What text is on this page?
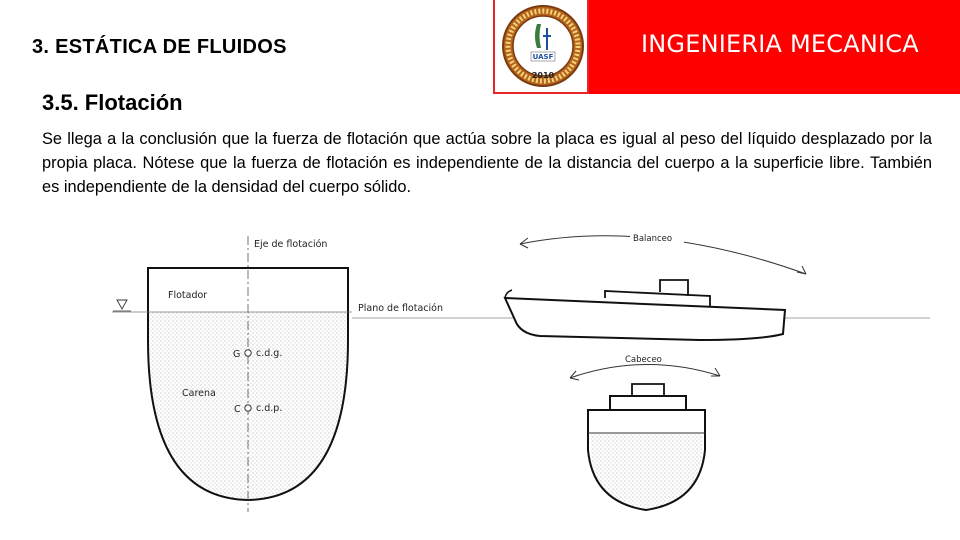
3. ESTÁTICA DE FLUIDOS	UASF
2010
INGENIERIA MECANICA
3.5. Flotación
Se llega a la conclusión que la fuerza de flotación que actúa sobre la placa es igual al peso del líquido desplazado por la propia placa. Nótese que la fuerza de flotación es independiente de la distancia del cuerpo a la superficie libre. También es independiente de la densidad del cuerpo sólido.
Eje de flotación
Flotador
Plano de flotación
Carena
G c.d.g.
C c.d.p.
Balanceo
Cabeceo
